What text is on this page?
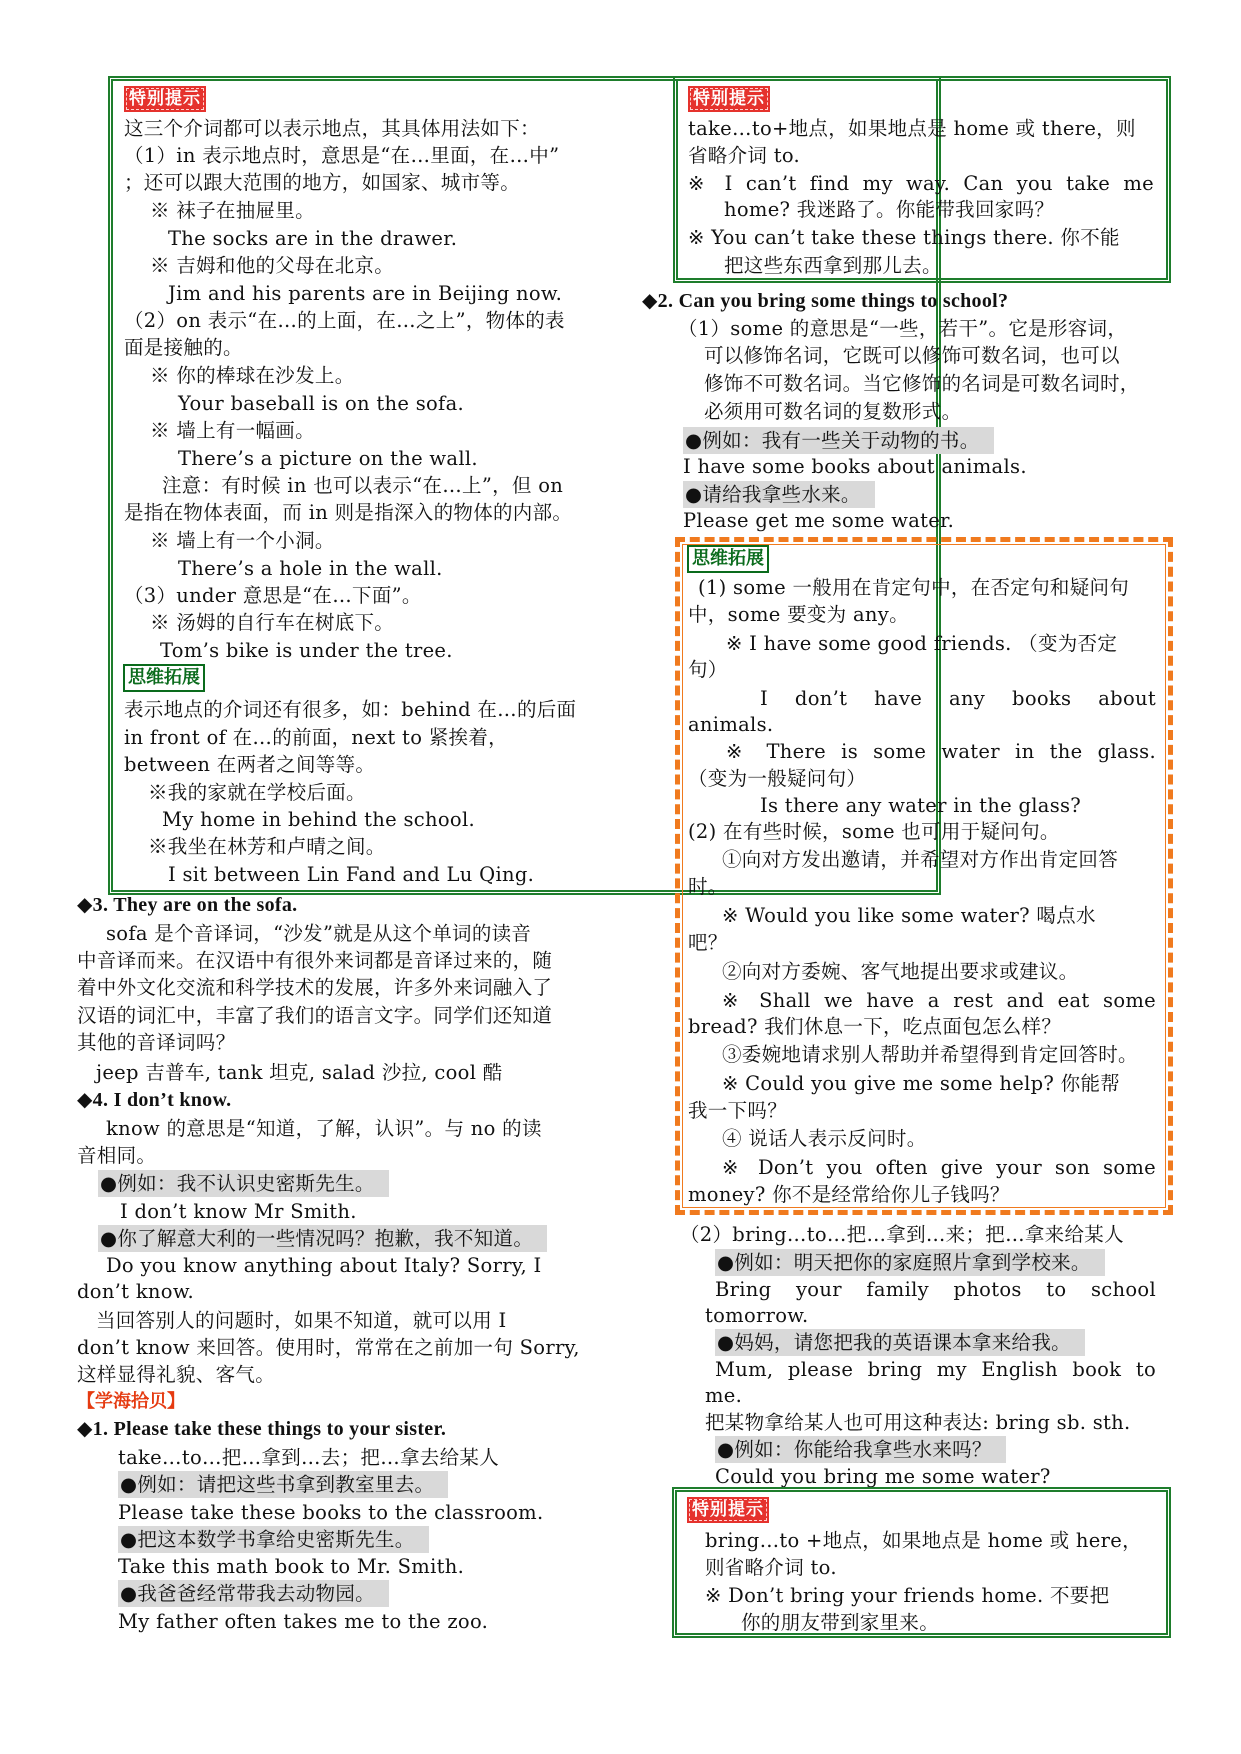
特别提示
这三个介词都可以表示地点，其具体用法如下：
（1）in 表示地点时，意思是“在…里面，在…中”
；还可以跟大范围的地方，如国家、城市等。
※ 袜子在抽屉里。
The socks are in the drawer.
※ 吉姆和他的父母在北京。
Jim and his parents are in Beijing now.
（2）on 表示“在…的上面，在…之上”，物体的表
面是接触的。
※ 你的棒球在沙发上。
Your baseball is on the sofa.
※ 墙上有一幅画。
There’s a picture on the wall.
注意：有时候 in 也可以表示“在…上”，但 on
是指在物体表面，而 in 则是指深入的物体的内部。
※ 墙上有一个小洞。
There’s a hole in the wall.
（3）under 意思是“在…下面”。
※ 汤姆的自行车在树底下。
Tom’s bike is under the tree.
思维拓展
表示地点的介词还有很多，如：behind 在…的后面
in front of 在…的前面，next to 紧挨着，
between 在两者之间等等。
※我的家就在学校后面。
My home in behind the school.
※我坐在林芳和卢晴之间。
I sit between Lin Fand and Lu Qing.
特别提示
take…to+地点，如果地点是 home 或 there，则
省略介词 to.
※ I can’t find my way. Can you take me
home? 我迷路了。你能带我回家吗？
※ You can’t take these things there. 你不能
把这些东西拿到那儿去。
◆2. Can you bring some things to school?
（1）some 的意思是“一些，若干”。它是形容词，
可以修饰名词，它既可以修饰可数名词，也可以
修饰不可数名词。当它修饰的名词是可数名词时，
必须用可数名词的复数形式。
●例如：我有一些关于动物的书。
I have some books about animals.
●请给我拿些水来。
Please get me some water.
思维拓展
(1) some 一般用在肯定句中，在否定句和疑问句
中，some 要变为 any。
※ I have some good friends. （变为否定
句）
I don’t have any books about
animals.
※ There is some water in the glass.
（变为一般疑问句）
Is there any water in the glass?
(2) 在有些时候，some 也可用于疑问句。
①向对方发出邀请，并希望对方作出肯定回答
时。
※ Would you like some water? 喝点水
吧？
②向对方委婉、客气地提出要求或建议。
※ Shall we have a rest and eat some
bread? 我们休息一下，吃点面包怎么样？
③委婉地请求别人帮助并希望得到肯定回答时。
※ Could you give me some help? 你能帮
我一下吗？
④ 说话人表示反问时。
※ Don’t you often give your son some
money? 你不是经常给你儿子钱吗？
（2）bring…to…把…拿到…来；把…拿来给某人
●例如：明天把你的家庭照片拿到学校来。
Bring your family photos to school
tomorrow.
●妈妈，请您把我的英语课本拿来给我。
Mum, please bring my English book to
me.
把某物拿给某人也可用这种表达: bring sb. sth.
●例如：你能给我拿些水来吗？
Could you bring me some water?
特别提示
bring…to +地点，如果地点是 home 或 here，
则省略介词 to.
※ Don’t bring your friends home. 不要把
你的朋友带到家里来。
◆3. They are on the sofa.
sofa 是个音译词，“沙发”就是从这个单词的读音
中音译而来。在汉语中有很外来词都是音译过来的，随
着中外文化交流和科学技术的发展，许多外来词融入了
汉语的词汇中，丰富了我们的语言文字。同学们还知道
其他的音译词吗？
jeep 吉普车, tank 坦克, salad 沙拉, cool 酷
◆4. I don’t know.
know 的意思是“知道，了解，认识”。与 no 的读
音相同。
●例如：我不认识史密斯先生。
I don’t know Mr Smith.
●你了解意大利的一些情况吗？抱歉，我不知道。
Do you know anything about Italy? Sorry, I
don’t know.
当回答别人的问题时，如果不知道，就可以用 I
don’t know 来回答。使用时，常常在之前加一句 Sorry,
这样显得礼貌、客气。
【学海拾贝】
◆1. Please take these things to your sister.
take…to…把…拿到…去；把…拿去给某人
●例如：请把这些书拿到教室里去。
Please take these books to the classroom.
●把这本数学书拿给史密斯先生。
Take this math book to Mr. Smith.
●我爸爸经常带我去动物园。
My father often takes me to the zoo.
